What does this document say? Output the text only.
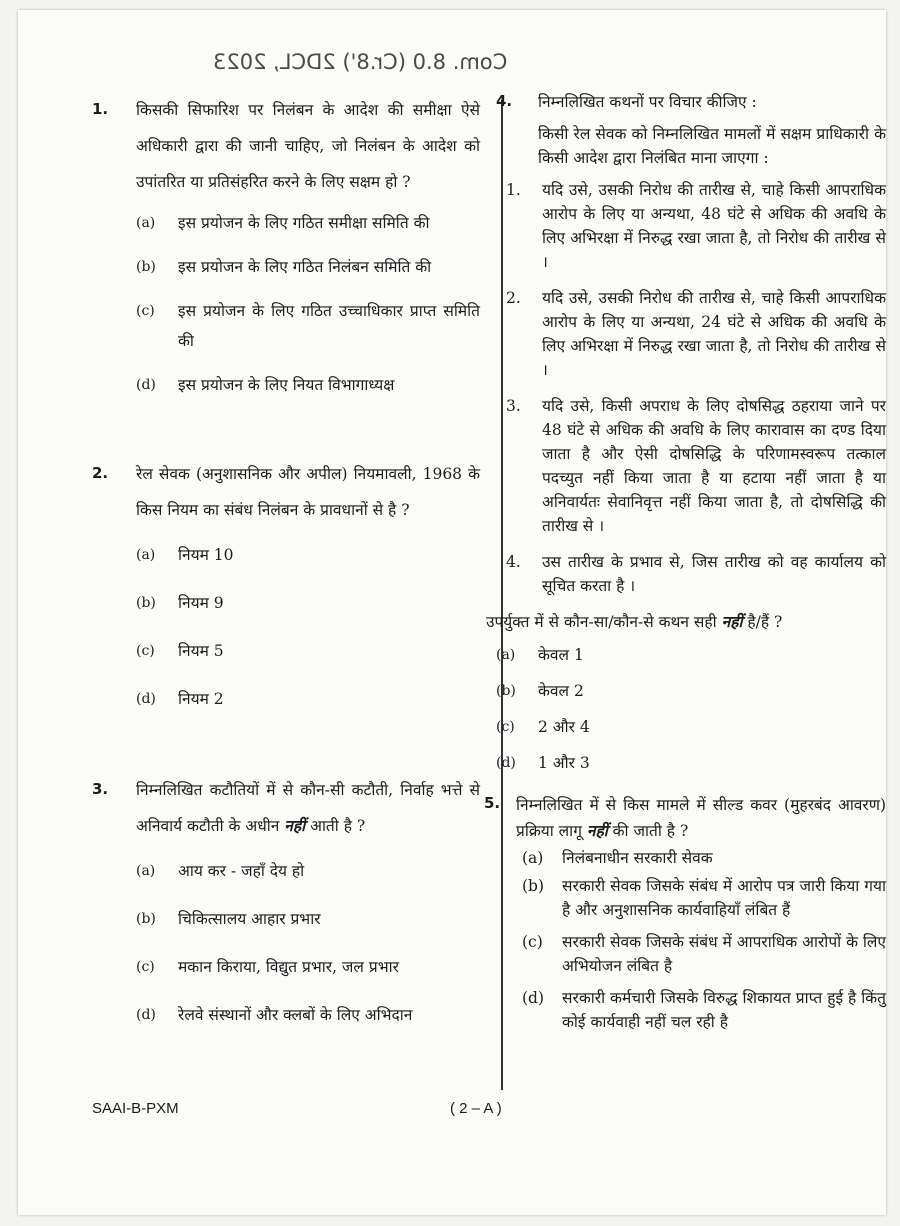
Com. 8.0 (Cr.8') 2DCL, 2023
1.	किसकी सिफारिश पर निलंबन के आदेश की समीक्षा ऐसे अधिकारी द्वारा की जानी चाहिए, जो निलंबन के आदेश को उपांतरित या प्रतिसंहरित करने के लिए सक्षम हो ?
(a) इस प्रयोजन के लिए गठित समीक्षा समिति की
(b) इस प्रयोजन के लिए गठित निलंबन समिति की
(c) इस प्रयोजन के लिए गठित उच्चाधिकार प्राप्त समिति की
(d) इस प्रयोजन के लिए नियत विभागाध्यक्ष
2.	रेल सेवक (अनुशासनिक और अपील) नियमावली, 1968 के किस नियम का संबंध निलंबन के प्रावधानों से है ?
(a) नियम 10
(b) नियम 9
(c) नियम 5
(d) नियम 2
3.	निम्नलिखित कटौतियों में से कौन-सी कटौती, निर्वाह भत्ते से अनिवार्य कटौती के अधीन नहीं आती है ?
(a) आय कर - जहाँ देय हो
(b) चिकित्सालय आहार प्रभार
(c) मकान किराया, विद्युत प्रभार, जल प्रभार
(d) रेलवे संस्थानों और क्लबों के लिए अभिदान
4.	निम्नलिखित कथनों पर विचार कीजिए :
किसी रेल सेवक को निम्नलिखित मामलों में सक्षम प्राधिकारी के किसी आदेश द्वारा निलंबित माना जाएगा :
1. यदि उसे, उसकी निरोध की तारीख से, चाहे किसी आपराधिक आरोप के लिए या अन्यथा, 48 घंटे से अधिक की अवधि के लिए अभिरक्षा में निरुद्ध रखा जाता है, तो निरोध की तारीख से ।
2. यदि उसे, उसकी निरोध की तारीख से, चाहे किसी आपराधिक आरोप के लिए या अन्यथा, 24 घंटे से अधिक की अवधि के लिए अभिरक्षा में निरुद्ध रखा जाता है, तो निरोध की तारीख से ।
3. यदि उसे, किसी अपराध के लिए दोषसिद्ध ठहराया जाने पर 48 घंटे से अधिक की अवधि के लिए कारावास का दण्ड दिया जाता है और ऐसी दोषसिद्धि के परिणामस्वरूप तत्काल पदच्युत नहीं किया जाता है या हटाया नहीं जाता है या अनिवार्यतः सेवानिवृत्त नहीं किया जाता है, तो दोषसिद्धि की तारीख से ।
4. उस तारीख के प्रभाव से, जिस तारीख को वह कार्यालय को सूचित करता है ।
उपर्युक्त में से कौन-सा/कौन-से कथन सही नहीं है/हैं ?
(a) केवल 1
(b) केवल 2
(c) 2 और 4
(d) 1 और 3
5.	निम्नलिखित में से किस मामले में सील्ड कवर (मुहरबंद आवरण) प्रक्रिया लागू नहीं की जाती है ?
(a) निलंबनाधीन सरकारी सेवक
(b) सरकारी सेवक जिसके संबंध में आरोप पत्र जारी किया गया है और अनुशासनिक कार्यवाहियाँ लंबित हैं
(c) सरकारी सेवक जिसके संबंध में आपराधिक आरोपों के लिए अभियोजन लंबित है
(d) सरकारी कर्मचारी जिसके विरुद्ध शिकायत प्राप्त हुई है किंतु कोई कार्यवाही नहीं चल रही है
SAAI-B-PXM	( 2 – A )
